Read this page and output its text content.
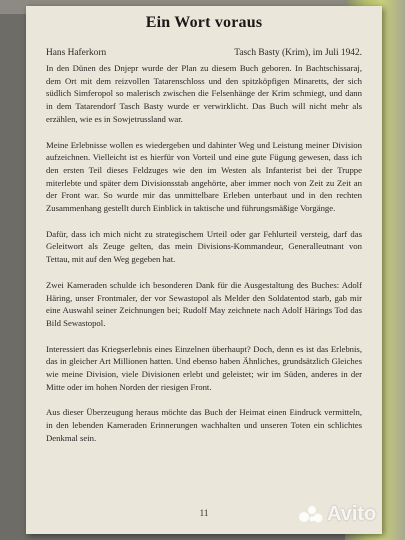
Ein Wort voraus
Hans Haferkorn	Tasch Basty (Krim), im Juli 1942.

In den Dünen des Dnjepr wurde der Plan zu diesem Buch geboren. In Bachtschissaraj, dem Ort mit dem reizvollen Tatarenschloss und den spitzköpfigen Minaretts, der sich südlich Simferopol so malerisch zwischen die Felsenhänge der Krim schmiegt, und dann in dem Tatarendorf Tasch Basty wurde er verwirklicht. Das Buch will nicht mehr als erzählen, wie es in Sowjetrussland war.

Meine Erlebnisse wollen es wiedergeben und dahinter Weg und Leistung meiner Division aufzeichnen. Vielleicht ist es hierfür von Vorteil und eine gute Fügung gewesen, dass ich den ersten Teil dieses Feldzuges wie den im Westen als Infanterist bei der Truppe miterlebte und später dem Divisionsstab angehörte, aber immer noch von Zeit zu Zeit an der Front war. So wurde mir das unmittelbare Erleben unterbaut und in den rechten Zusammenhang gestellt durch Einblick in taktische und führungsmäßige Vorgänge.

Dafür, dass ich mich nicht zu strategischem Urteil oder gar Fehlurteil versteig, darf das Geleitwort als Zeuge gelten, das mein Divisions-Kommandeur, Generalleutnant von Tettau, mit auf den Weg gegeben hat.

Zwei Kameraden schulde ich besonderen Dank für die Ausgestaltung des Buches: Adolf Häring, unser Frontmaler, der vor Sewastopol als Melder den Soldatentod starb, gab mir eine Auswahl seiner Zeichnungen bei; Rudolf May zeichnete nach Adolf Härings Tod das Bild Sewastopol.

Interessiert das Kriegserlebnis eines Einzelnen überhaupt? Doch, denn es ist das Erlebnis, das in gleicher Art Millionen hatten. Und ebenso haben Ähnliches, grundsätzlich Gleiches wie meine Division, viele Divisionen erlebt und geleistet; wir im Süden, anderes in der Mitte oder im hohen Norden der riesigen Front.

Aus dieser Überzeugung heraus möchte das Buch der Heimat einen Eindruck vermitteln, in den lebenden Kameraden Erinnerungen wachhalten und unseren Toten ein schlichtes Denkmal sein.

11	Avito
